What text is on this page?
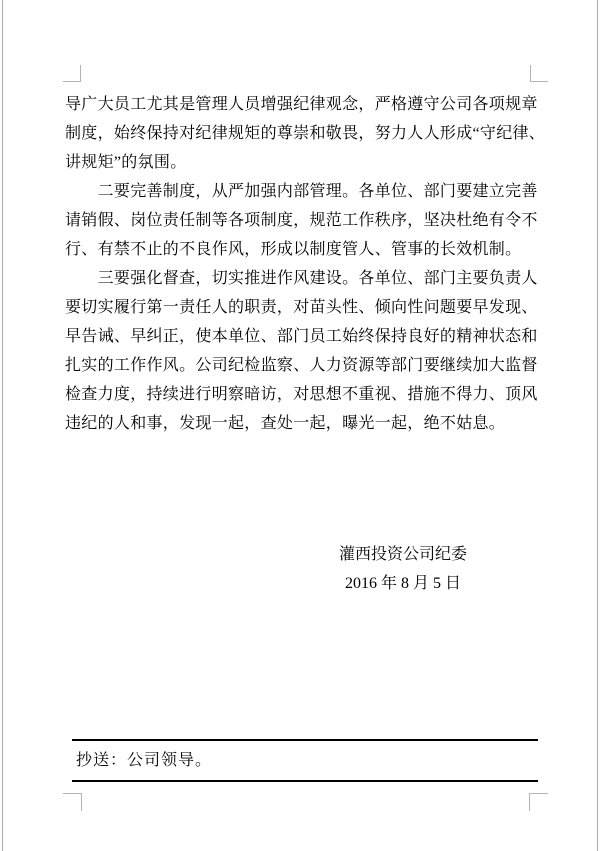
导广大员工尤其是管理人员增强纪律观念，严格遵守公司各项规章
制度，始终保持对纪律规矩的尊崇和敬畏，努力人人形成“守纪律、
讲规矩”的氛围。
　　二要完善制度，从严加强内部管理。各单位、部门要建立完善
请销假、岗位责任制等各项制度，规范工作秩序，坚决杜绝有令不
行、有禁不止的不良作风，形成以制度管人、管事的长效机制。
　　三要强化督查，切实推进作风建设。各单位、部门主要负责人
要切实履行第一责任人的职责，对苗头性、倾向性问题要早发现、
早告诫、早纠正，使本单位、部门员工始终保持良好的精神状态和
扎实的工作作风。公司纪检监察、人力资源等部门要继续加大监督
检查力度，持续进行明察暗访，对思想不重视、措施不得力、顶风
违纪的人和事，发现一起，查处一起，曝光一起，绝不姑息。
灌西投资公司纪委
2016 年 8 月 5 日
抄送：公司领导。
